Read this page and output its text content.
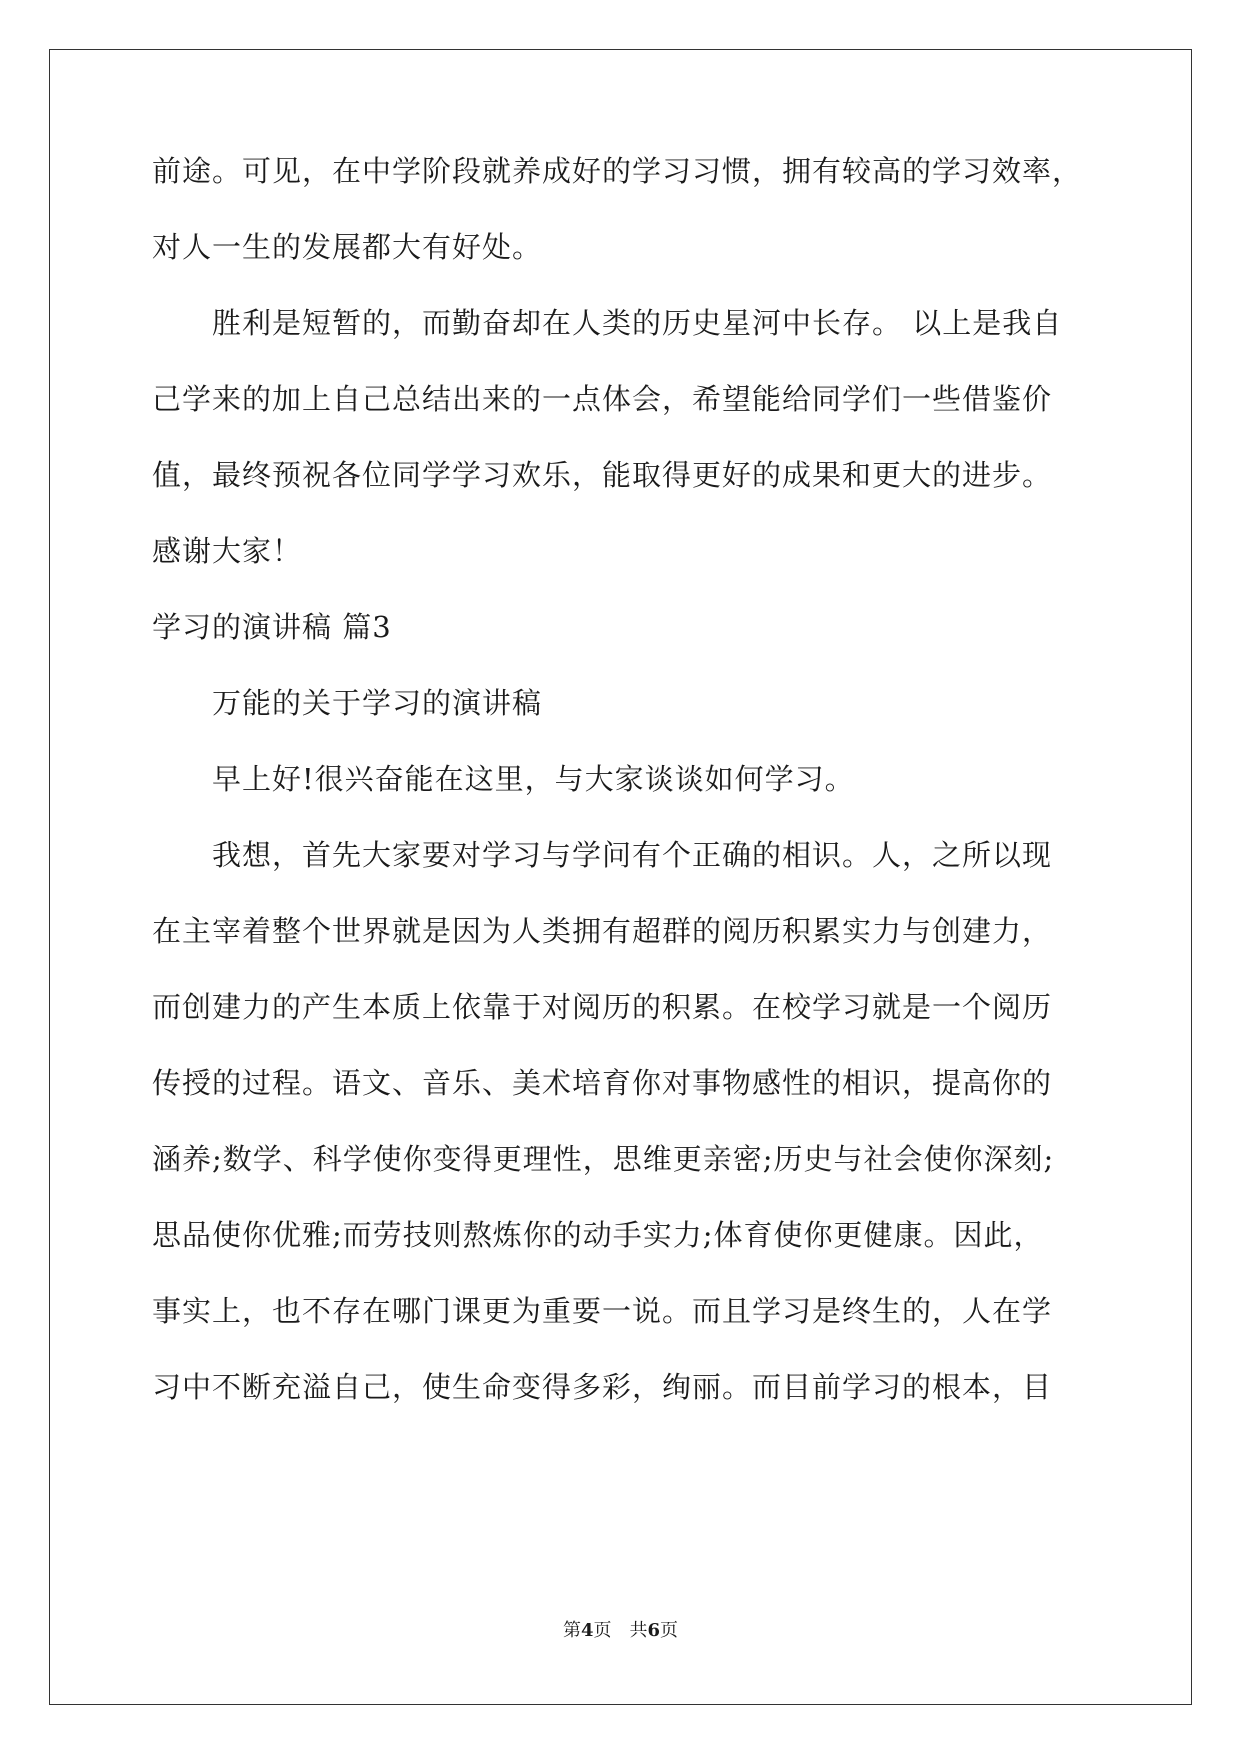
前途。可见，在中学阶段就养成好的学习习惯，拥有较高的学习效率，
对人一生的发展都大有好处。
胜利是短暂的，而勤奋却在人类的历史星河中长存。 以上是我自
己学来的加上自己总结出来的一点体会，希望能给同学们一些借鉴价
值，最终预祝各位同学学习欢乐，能取得更好的成果和更大的进步。
感谢大家！
学习的演讲稿 篇3
万能的关于学习的演讲稿
早上好!很兴奋能在这里，与大家谈谈如何学习。
我想，首先大家要对学习与学问有个正确的相识。人，之所以现
在主宰着整个世界就是因为人类拥有超群的阅历积累实力与创建力，
而创建力的产生本质上依靠于对阅历的积累。在校学习就是一个阅历
传授的过程。语文、音乐、美术培育你对事物感性的相识，提高你的
涵养;数学、科学使你变得更理性，思维更亲密;历史与社会使你深刻;
思品使你优雅;而劳技则熬炼你的动手实力;体育使你更健康。因此，
事实上，也不存在哪门课更为重要一说。而且学习是终生的，人在学
习中不断充溢自己，使生命变得多彩，绚丽。而目前学习的根本，目
第4页　共6页
